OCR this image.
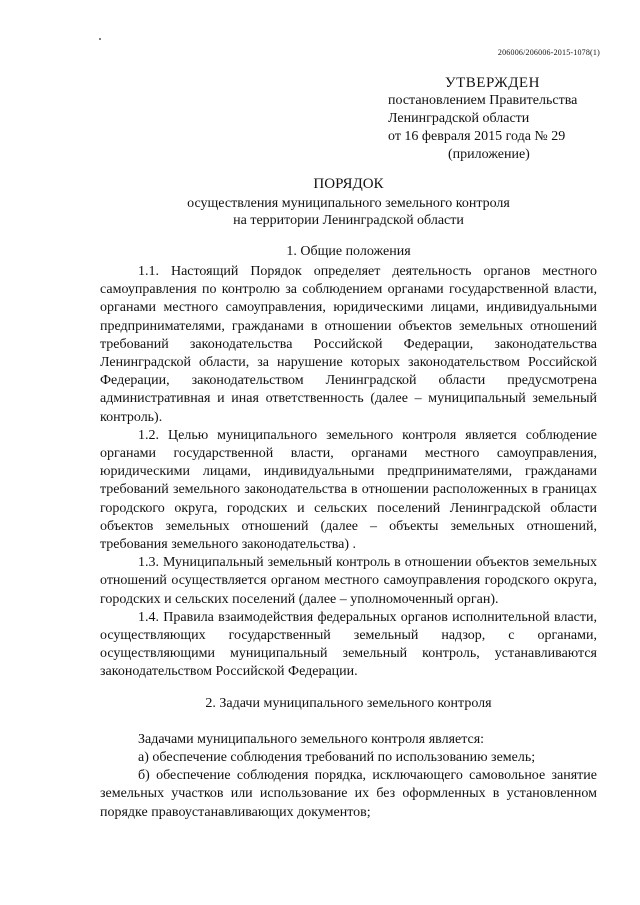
206006/206006-2015-1078(1)
УТВЕРЖДЕН
постановлением Правительства
Ленинградской области
от 16 февраля 2015 года № 29
(приложение)
ПОРЯДОК
осуществления муниципального земельного контроля
на территории Ленинградской области
1. Общие положения

1.1. Настоящий Порядок определяет деятельность органов местного самоуправления по контролю за соблюдением органами государственной власти, органами местного самоуправления, юридическими лицами, индивидуальными предпринимателями, гражданами в отношении объектов земельных отношений требований законодательства Российской Федерации, законодательства Ленинградской области, за нарушение которых законодательством Российской Федерации, законодательством Ленинградской области предусмотрена административная и иная ответственность (далее – муниципальный земельный контроль).

1.2. Целью муниципального земельного контроля является соблюдение органами государственной власти, органами местного самоуправления, юридическими лицами, индивидуальными предпринимателями, гражданами требований земельного законодательства в отношении расположенных в границах городского округа, городских и сельских поселений Ленинградской области объектов земельных отношений (далее – объекты земельных отношений, требования земельного законодательства) .

1.3. Муниципальный земельный контроль в отношении объектов земельных отношений осуществляется органом местного самоуправления городского округа, городских и сельских поселений (далее – уполномоченный орган).

1.4. Правила взаимодействия федеральных органов исполнительной власти, осуществляющих государственный земельный надзор, с органами, осуществляющими муниципальный земельный контроль, устанавливаются законодательством Российской Федерации.

2. Задачи муниципального земельного контроля

Задачами муниципального земельного контроля является:

а) обеспечение соблюдения требований по использованию земель;

б) обеспечение соблюдения порядка, исключающего самовольное занятие земельных участков или использование их без оформленных в установленном порядке правоустанавливающих документов;
